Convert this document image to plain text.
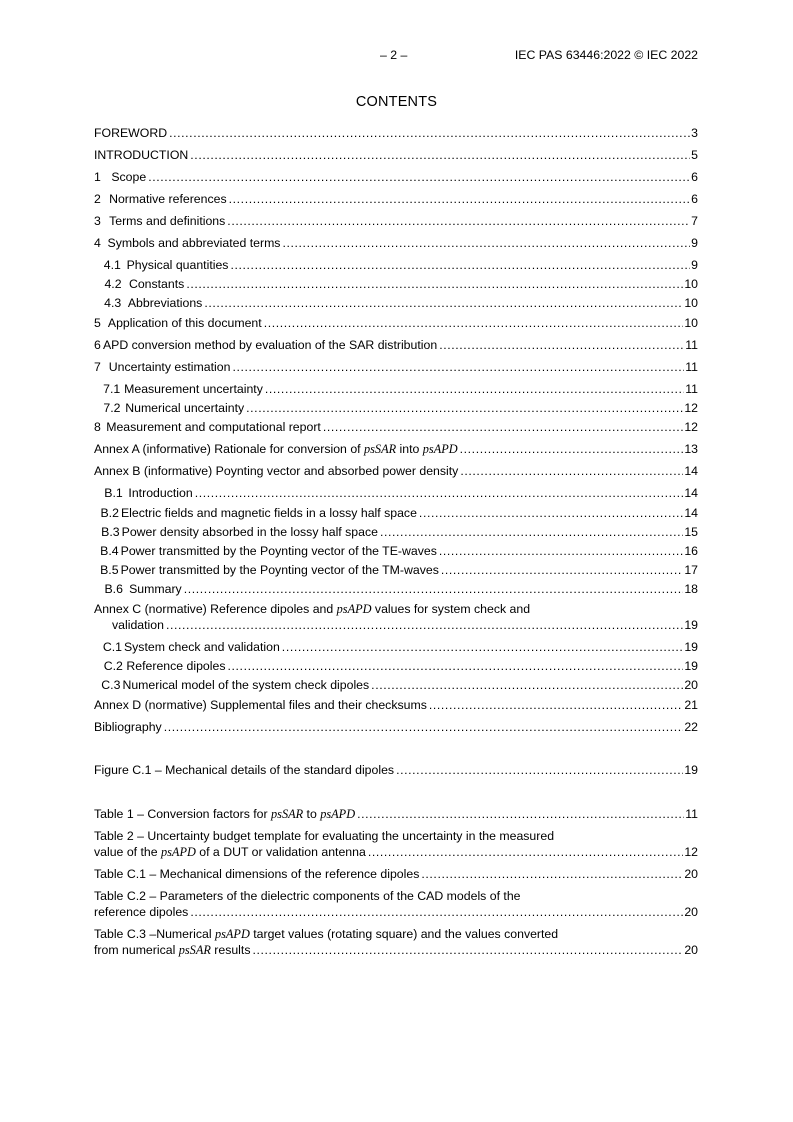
– 2 –	IEC PAS 63446:2022 © IEC 2022
CONTENTS
FOREWORD .....	3
INTRODUCTION .....	5
1 Scope .....	6
2 Normative references .....	6
3 Terms and definitions .....	7
4 Symbols and abbreviated terms .....	9
4.1 Physical quantities .....	9
4.2 Constants .....	10
4.3 Abbreviations .....	10
5 Application of this document .....	10
6 APD conversion method by evaluation of the SAR distribution .....	11
7 Uncertainty estimation .....	11
7.1 Measurement uncertainty .....	11
7.2 Numerical uncertainty .....	12
8 Measurement and computational report .....	12
Annex A (informative) Rationale for conversion of psSAR into psAPD .....	13
Annex B (informative) Poynting vector and absorbed power density .....	14
B.1 Introduction .....	14
B.2 Electric fields and magnetic fields in a lossy half space .....	14
B.3 Power density absorbed in the lossy half space .....	15
B.4 Power transmitted by the Poynting vector of the TE-waves .....	16
B.5 Power transmitted by the Poynting vector of the TM-waves .....	17
B.6 Summary .....	18
Annex C (normative) Reference dipoles and psAPD values for system check and
validation .....	19
C.1 System check and validation .....	19
C.2 Reference dipoles .....	19
C.3 Numerical model of the system check dipoles .....	20
Annex D (normative) Supplemental files and their checksums .....	21
Bibliography .....	22
Figure C.1 – Mechanical details of the standard dipoles .....	19
Table 1 – Conversion factors for psSAR to psAPD .....	11
Table 2 – Uncertainty budget template for evaluating the uncertainty in the measured
value of the psAPD of a DUT or validation antenna .....	12
Table C.1 – Mechanical dimensions of the reference dipoles .....	20
Table C.2 – Parameters of the dielectric components of the CAD models of the
reference dipoles .....	20
Table C.3 –Numerical psAPD target values (rotating square) and the values converted
from numerical psSAR results .....	20
